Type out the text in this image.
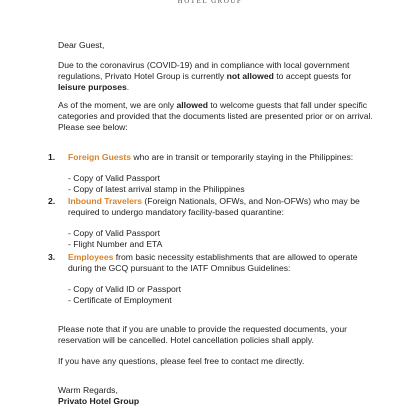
HOTEL GROUP

Dear Guest,

Due to the coronavirus (COVID-19) and in compliance with local government regulations, Privato Hotel Group is currently not allowed to accept guests for leisure purposes.

As of the moment, we are only allowed to welcome guests that fall under specific categories and provided that the documents listed are presented prior or on arrival. Please see below:

1. Foreign Guests who are in transit or temporarily staying in the Philippines:

- Copy of Valid Passport

- Copy of latest arrival stamp in the Philippines

2. Inbound Travelers (Foreign Nationals, OFWs, and Non-OFWs) who may be required to undergo mandatory facility-based quarantine:

- Copy of Valid Passport

- Flight Number and ETA

3. Employees from basic necessity establishments that are allowed to operate during the GCQ pursuant to the IATF Omnibus Guidelines:

- Copy of Valid ID or Passport

- Certificate of Employment

Please note that if you are unable to provide the requested documents, your reservation will be cancelled. Hotel cancellation policies shall apply.

If you have any questions, please feel free to contact me directly.

Warm Regards,

Privato Hotel Group
